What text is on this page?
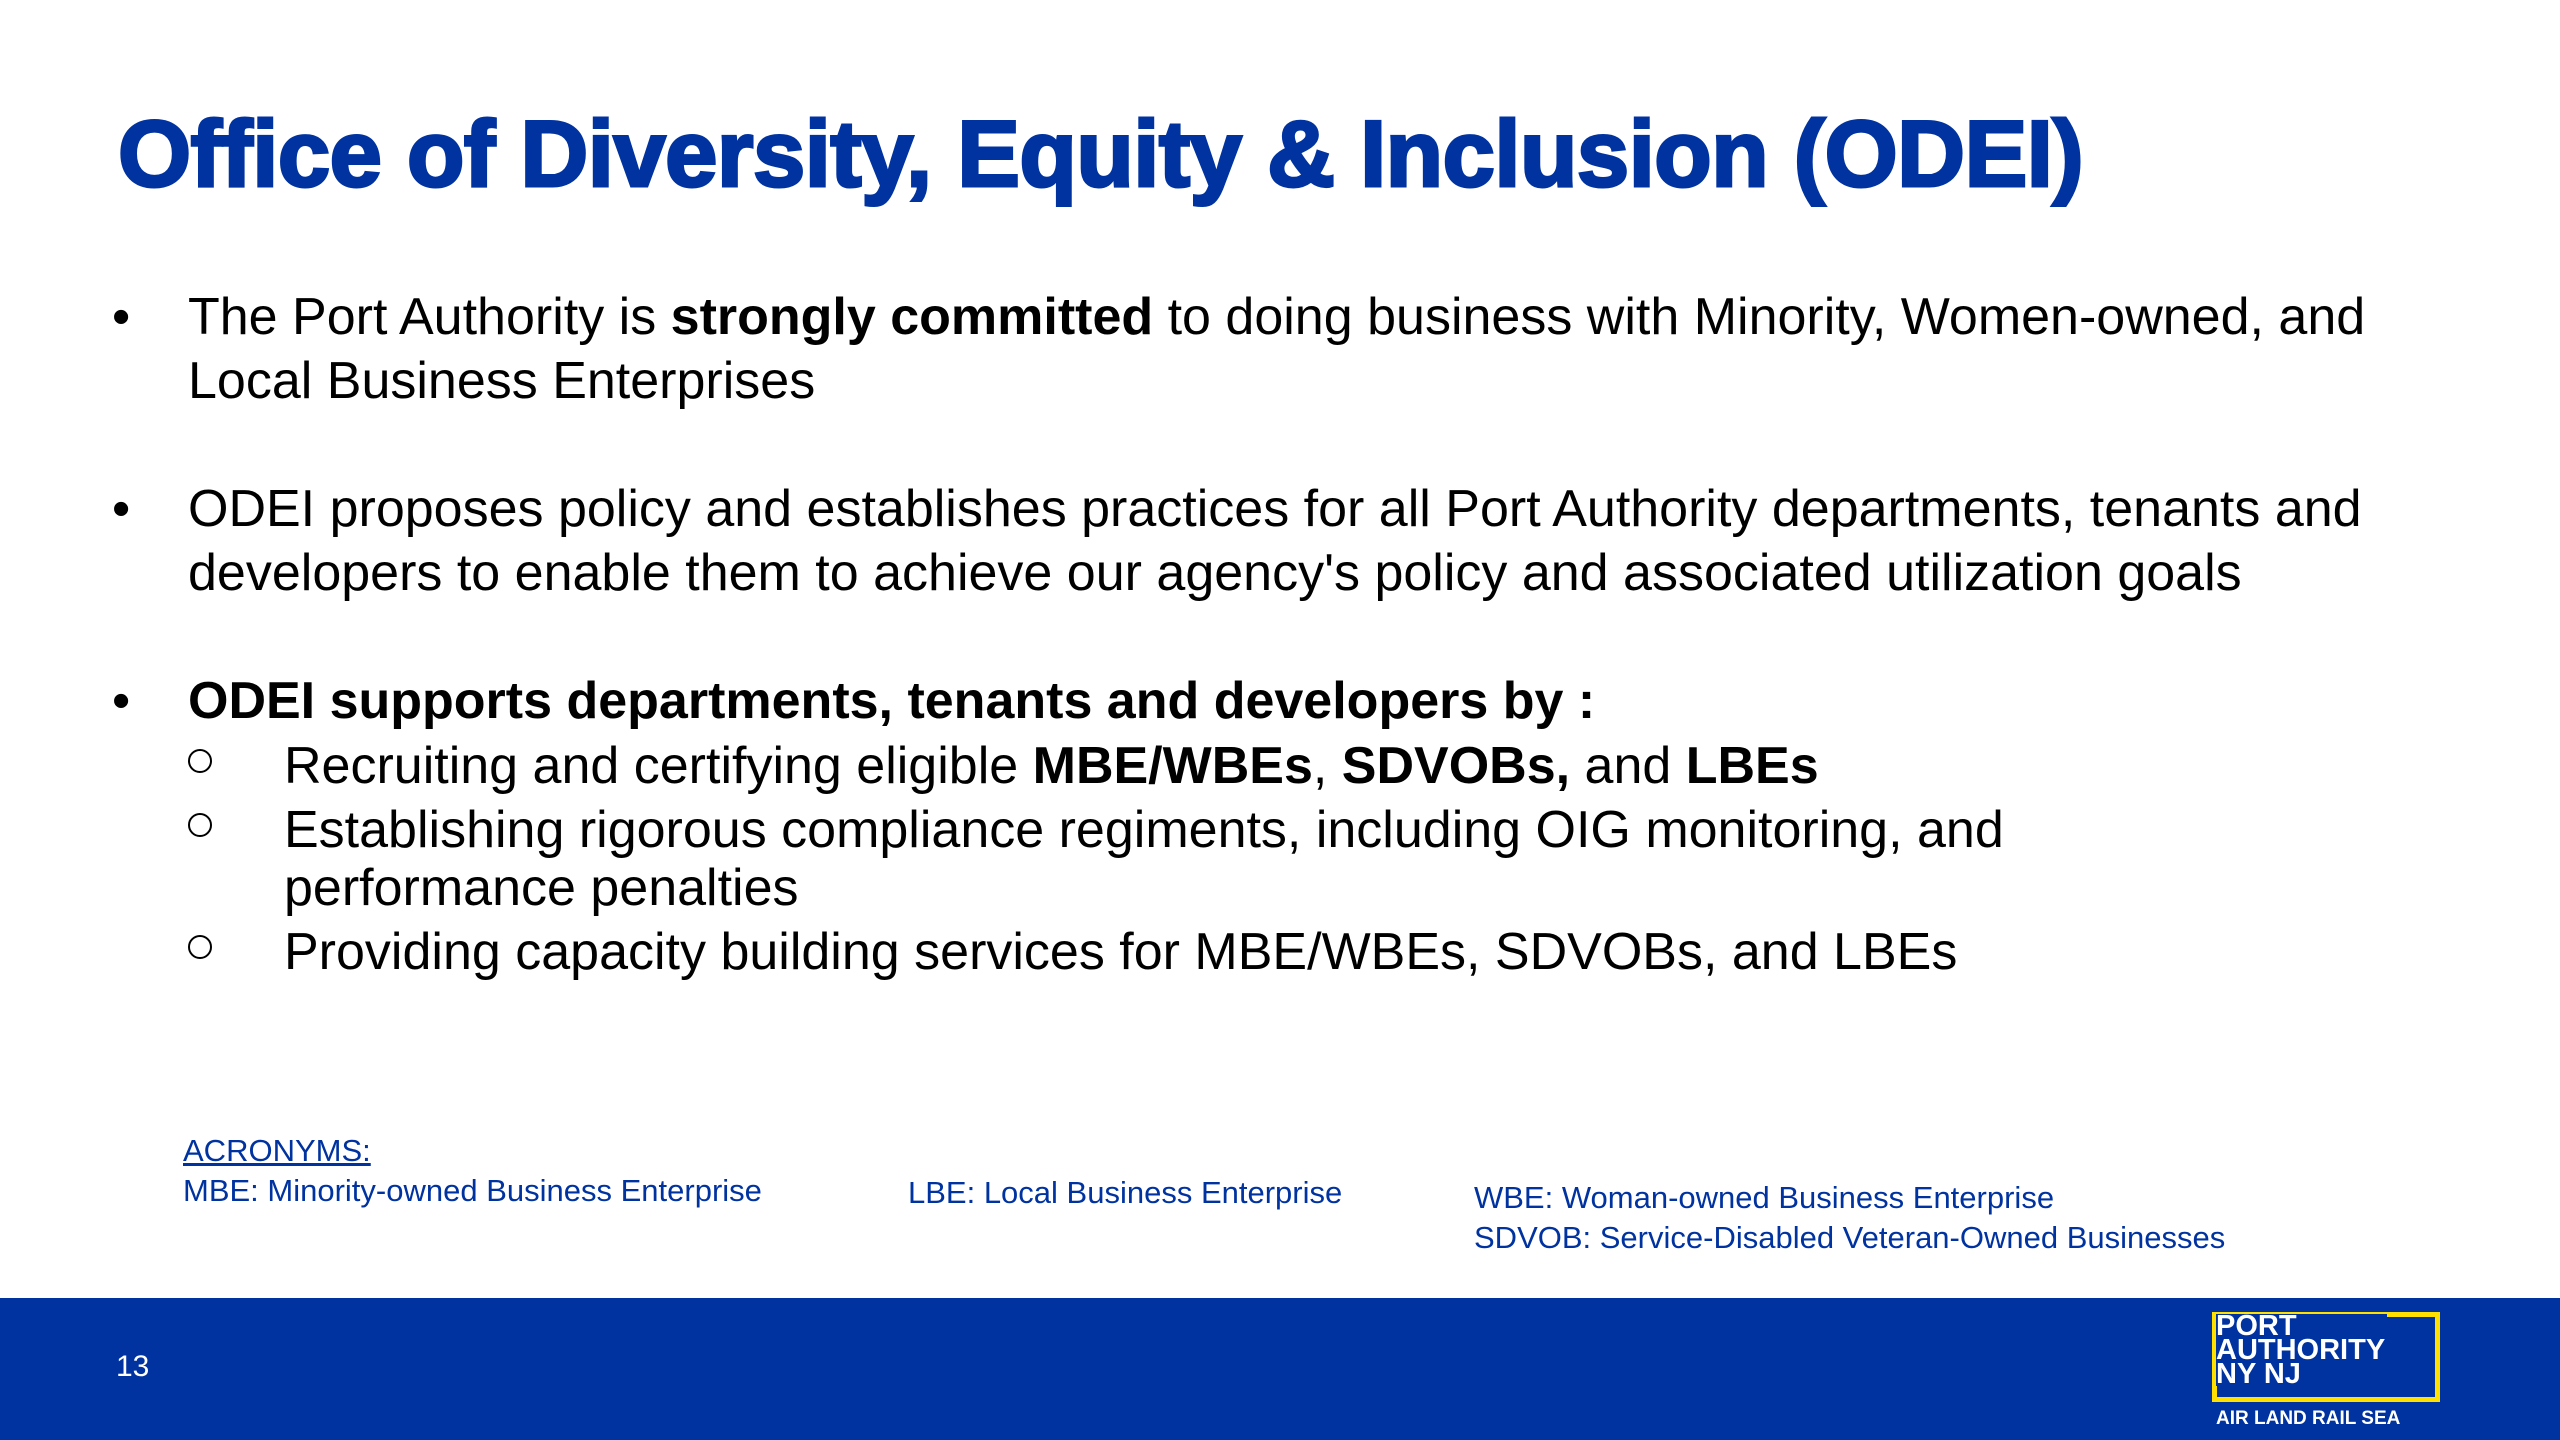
Office of Diversity, Equity & Inclusion (ODEI)
• The Port Authority is strongly committed to doing business with Minority, Women-owned, and Local Business Enterprises
• ODEI proposes policy and establishes practices for all Port Authority departments, tenants and developers to enable them to achieve our agency's policy and associated utilization goals
• ODEI supports departments, tenants and developers by :
Recruiting and certifying eligible MBE/WBEs, SDVOBs, and LBEs
Establishing rigorous compliance regiments, including OIG monitoring, and performance penalties
Providing capacity building services for MBE/WBEs, SDVOBs, and LBEs
ACRONYMS:
MBE: Minority-owned Business Enterprise	LBE: Local Business Enterprise	WBE: Woman-owned Business Enterprise
SDVOB: Service-Disabled Veteran-Owned Businesses
13
PORT
AUTHORITY
NY NJ
AIR LAND RAIL SEA
